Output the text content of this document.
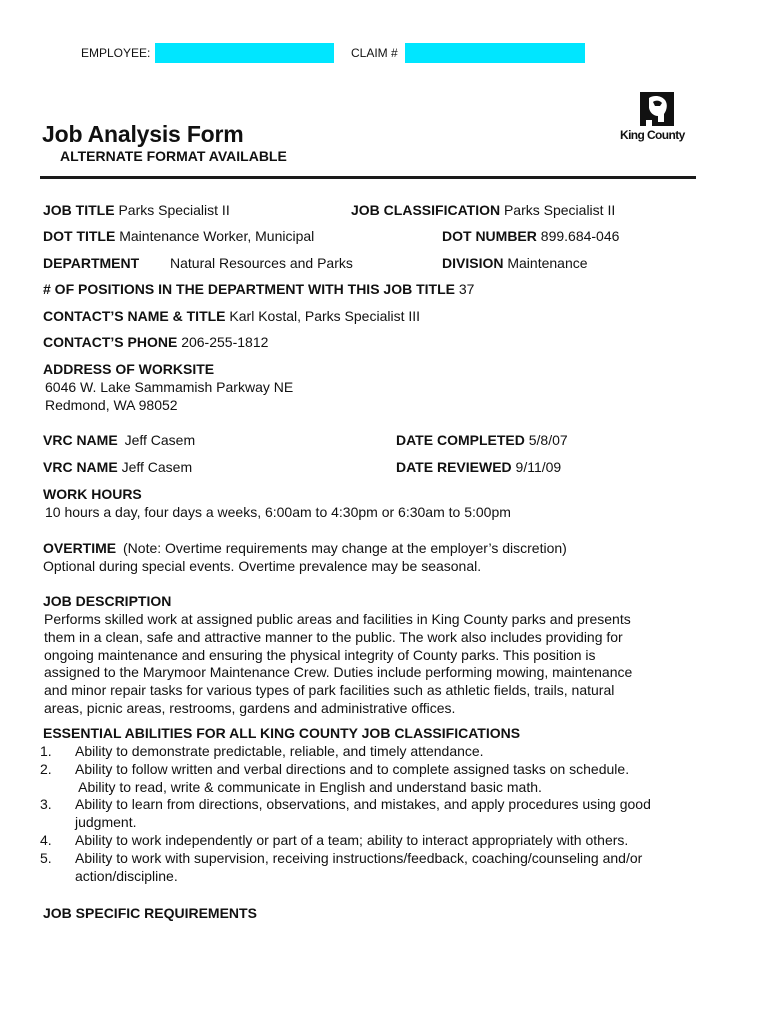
EMPLOYEE:	CLAIM #
King County
Job Analysis Form
ALTERNATE FORMAT AVAILABLE
JOB TITLE Parks Specialist II	JOB CLASSIFICATION Parks Specialist II
DOT TITLE Maintenance Worker, Municipal	DOT NUMBER 899.684-046
DEPARTMENT Natural Resources and Parks	DIVISION Maintenance
# OF POSITIONS IN THE DEPARTMENT WITH THIS JOB TITLE 37
CONTACT’S NAME & TITLE Karl Kostal, Parks Specialist III
CONTACT’S PHONE 206-255-1812
ADDRESS OF WORKSITE
6046 W. Lake Sammamish Parkway NE
Redmond, WA 98052
VRC NAME Jeff Casem	DATE COMPLETED 5/8/07
VRC NAME Jeff Casem	DATE REVIEWED 9/11/09
WORK HOURS
10 hours a day, four days a weeks, 6:00am to 4:30pm or 6:30am to 5:00pm
OVERTIME (Note: Overtime requirements may change at the employer’s discretion)
Optional during special events. Overtime prevalence may be seasonal.
JOB DESCRIPTION
Performs skilled work at assigned public areas and facilities in King County parks and presents
them in a clean, safe and attractive manner to the public. The work also includes providing for
ongoing maintenance and ensuring the physical integrity of County parks. This position is
assigned to the Marymoor Maintenance Crew. Duties include performing mowing, maintenance
and minor repair tasks for various types of park facilities such as athletic fields, trails, natural
areas, picnic areas, restrooms, gardens and administrative offices.
ESSENTIAL ABILITIES FOR ALL KING COUNTY JOB CLASSIFICATIONS
1.	Ability to demonstrate predictable, reliable, and timely attendance.
2.	Ability to follow written and verbal directions and to complete assigned tasks on schedule.
Ability to read, write & communicate in English and understand basic math.
3.	Ability to learn from directions, observations, and mistakes, and apply procedures using good
judgment.
4.	Ability to work independently or part of a team; ability to interact appropriately with others.
5.	Ability to work with supervision, receiving instructions/feedback, coaching/counseling and/or
action/discipline.
JOB SPECIFIC REQUIREMENTS
